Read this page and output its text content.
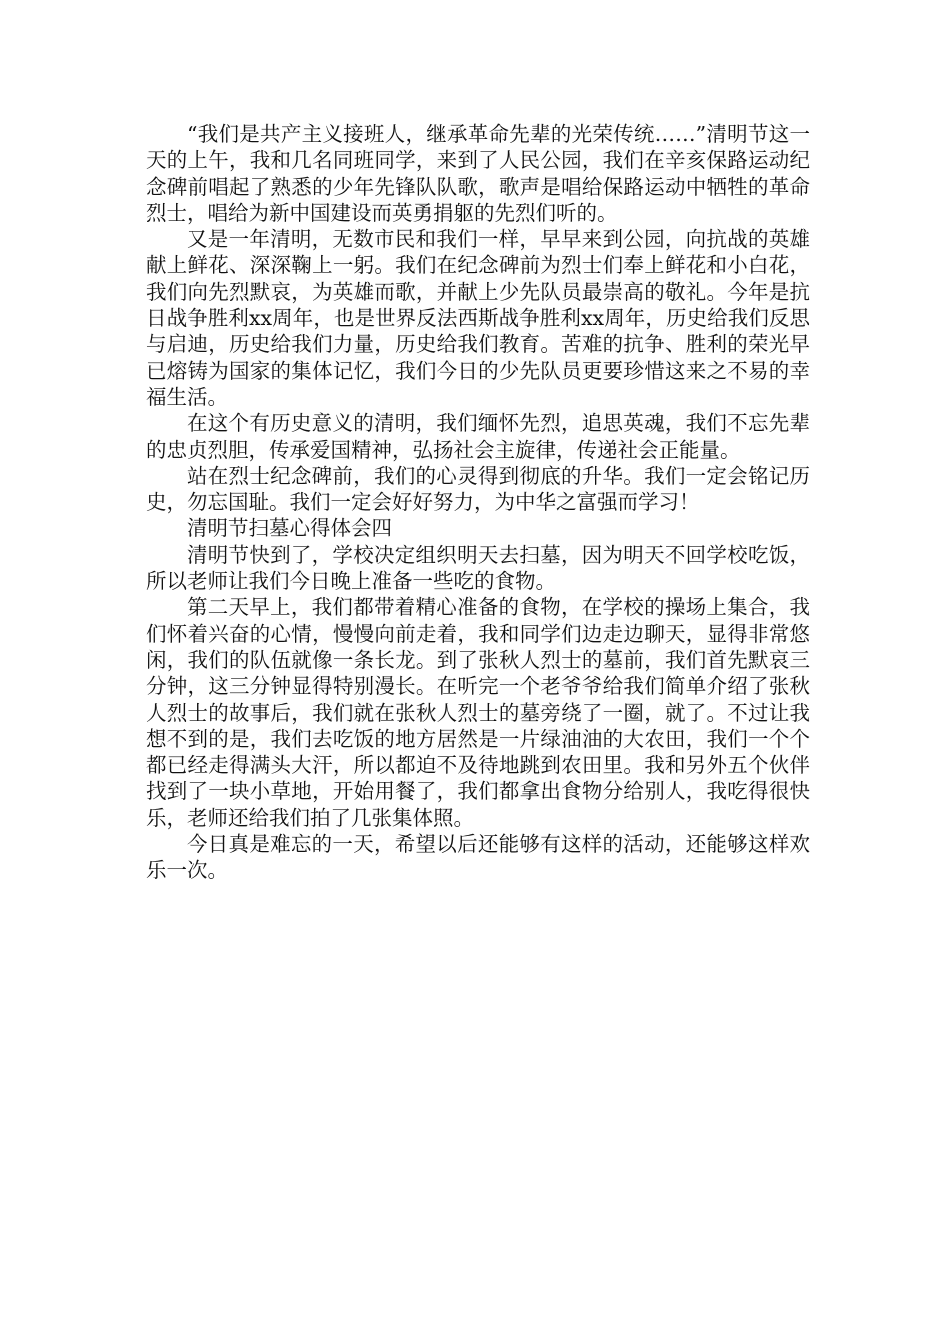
“我们是共产主义接班人，继承革命先辈的光荣传统……”清明节这一天的上午，我和几名同班同学，来到了人民公园，我们在辛亥保路运动纪念碑前唱起了熟悉的少年先锋队队歌，歌声是唱给保路运动中牺牲的革命烈士，唱给为新中国建设而英勇捐躯的先烈们听的。

又是一年清明，无数市民和我们一样，早早来到公园，向抗战的英雄献上鲜花、深深鞠上一躬。我们在纪念碑前为烈士们奉上鲜花和小白花，我们向先烈默哀，为英雄而歌，并献上少先队员最崇高的敬礼。今年是抗日战争胜利xx周年，也是世界反法西斯战争胜利xx周年，历史给我们反思与启迪，历史给我们力量，历史给我们教育。苦难的抗争、胜利的荣光早已熔铸为国家的集体记忆，我们今日的少先队员更要珍惜这来之不易的幸福生活。

在这个有历史意义的清明，我们缅怀先烈，追思英魂，我们不忘先辈的忠贞烈胆，传承爱国精神，弘扬社会主旋律，传递社会正能量。

站在烈士纪念碑前，我们的心灵得到彻底的升华。我们一定会铭记历史，勿忘国耻。我们一定会好好努力，为中华之富强而学习！

清明节扫墓心得体会四

清明节快到了，学校决定组织明天去扫墓，因为明天不回学校吃饭，所以老师让我们今日晚上准备一些吃的食物。

第二天早上，我们都带着精心准备的食物，在学校的操场上集合，我们怀着兴奋的心情，慢慢向前走着，我和同学们边走边聊天，显得非常悠闲，我们的队伍就像一条长龙。到了张秋人烈士的墓前，我们首先默哀三分钟，这三分钟显得特别漫长。在听完一个老爷爷给我们简单介绍了张秋人烈士的故事后，我们就在张秋人烈士的墓旁绕了一圈，就了。不过让我想不到的是，我们去吃饭的地方居然是一片绿油油的大农田，我们一个个都已经走得满头大汗，所以都迫不及待地跳到农田里。我和另外五个伙伴找到了一块小草地，开始用餐了，我们都拿出食物分给别人，我吃得很快乐，老师还给我们拍了几张集体照。

今日真是难忘的一天，希望以后还能够有这样的活动，还能够这样欢乐一次。
